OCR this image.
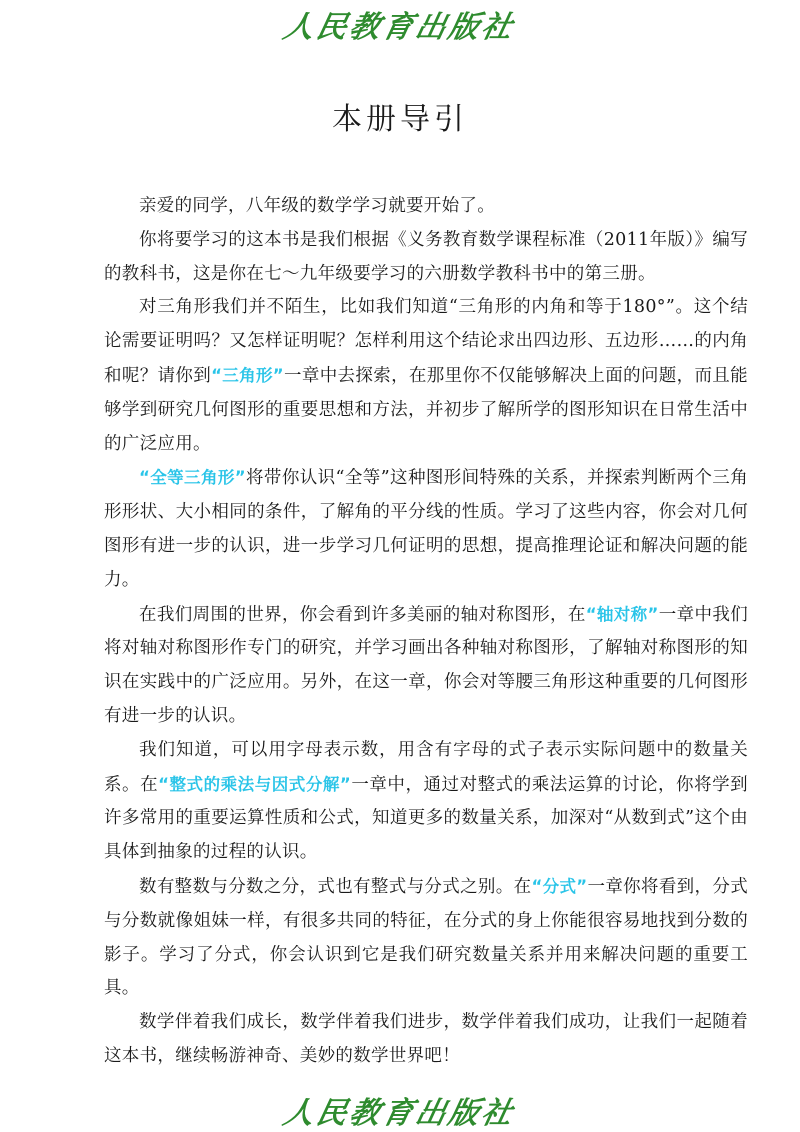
人民教育出版社
本册导引

亲爱的同学，八年级的数学学习就要开始了。

你将要学习的这本书是我们根据《义务教育数学课程标准（2011年版）》编写的教科书，这是你在七～九年级要学习的六册数学教科书中的第三册。

对三角形我们并不陌生，比如我们知道“三角形的内角和等于180°”。这个结论需要证明吗？又怎样证明呢？怎样利用这个结论求出四边形、五边形……的内角和呢？请你到“三角形”一章中去探索，在那里你不仅能够解决上面的问题，而且能够学到研究几何图形的重要思想和方法，并初步了解所学的图形知识在日常生活中的广泛应用。

“全等三角形”将带你认识“全等”这种图形间特殊的关系，并探索判断两个三角形形状、大小相同的条件，了解角的平分线的性质。学习了这些内容，你会对几何图形有进一步的认识，进一步学习几何证明的思想，提高推理论证和解决问题的能力。

在我们周围的世界，你会看到许多美丽的轴对称图形，在“轴对称”一章中我们将对轴对称图形作专门的研究，并学习画出各种轴对称图形，了解轴对称图形的知识在实践中的广泛应用。另外，在这一章，你会对等腰三角形这种重要的几何图形有进一步的认识。

我们知道，可以用字母表示数，用含有字母的式子表示实际问题中的数量关系。在“整式的乘法与因式分解”一章中，通过对整式的乘法运算的讨论，你将学到许多常用的重要运算性质和公式，知道更多的数量关系，加深对“从数到式”这个由具体到抽象的过程的认识。

数有整数与分数之分，式也有整式与分式之别。在“分式”一章你将看到，分式与分数就像姐妹一样，有很多共同的特征，在分式的身上你能很容易地找到分数的影子。学习了分式，你会认识到它是我们研究数量关系并用来解决问题的重要工具。

数学伴着我们成长，数学伴着我们进步，数学伴着我们成功，让我们一起随着这本书，继续畅游神奇、美妙的数学世界吧！

人民教育出版社
